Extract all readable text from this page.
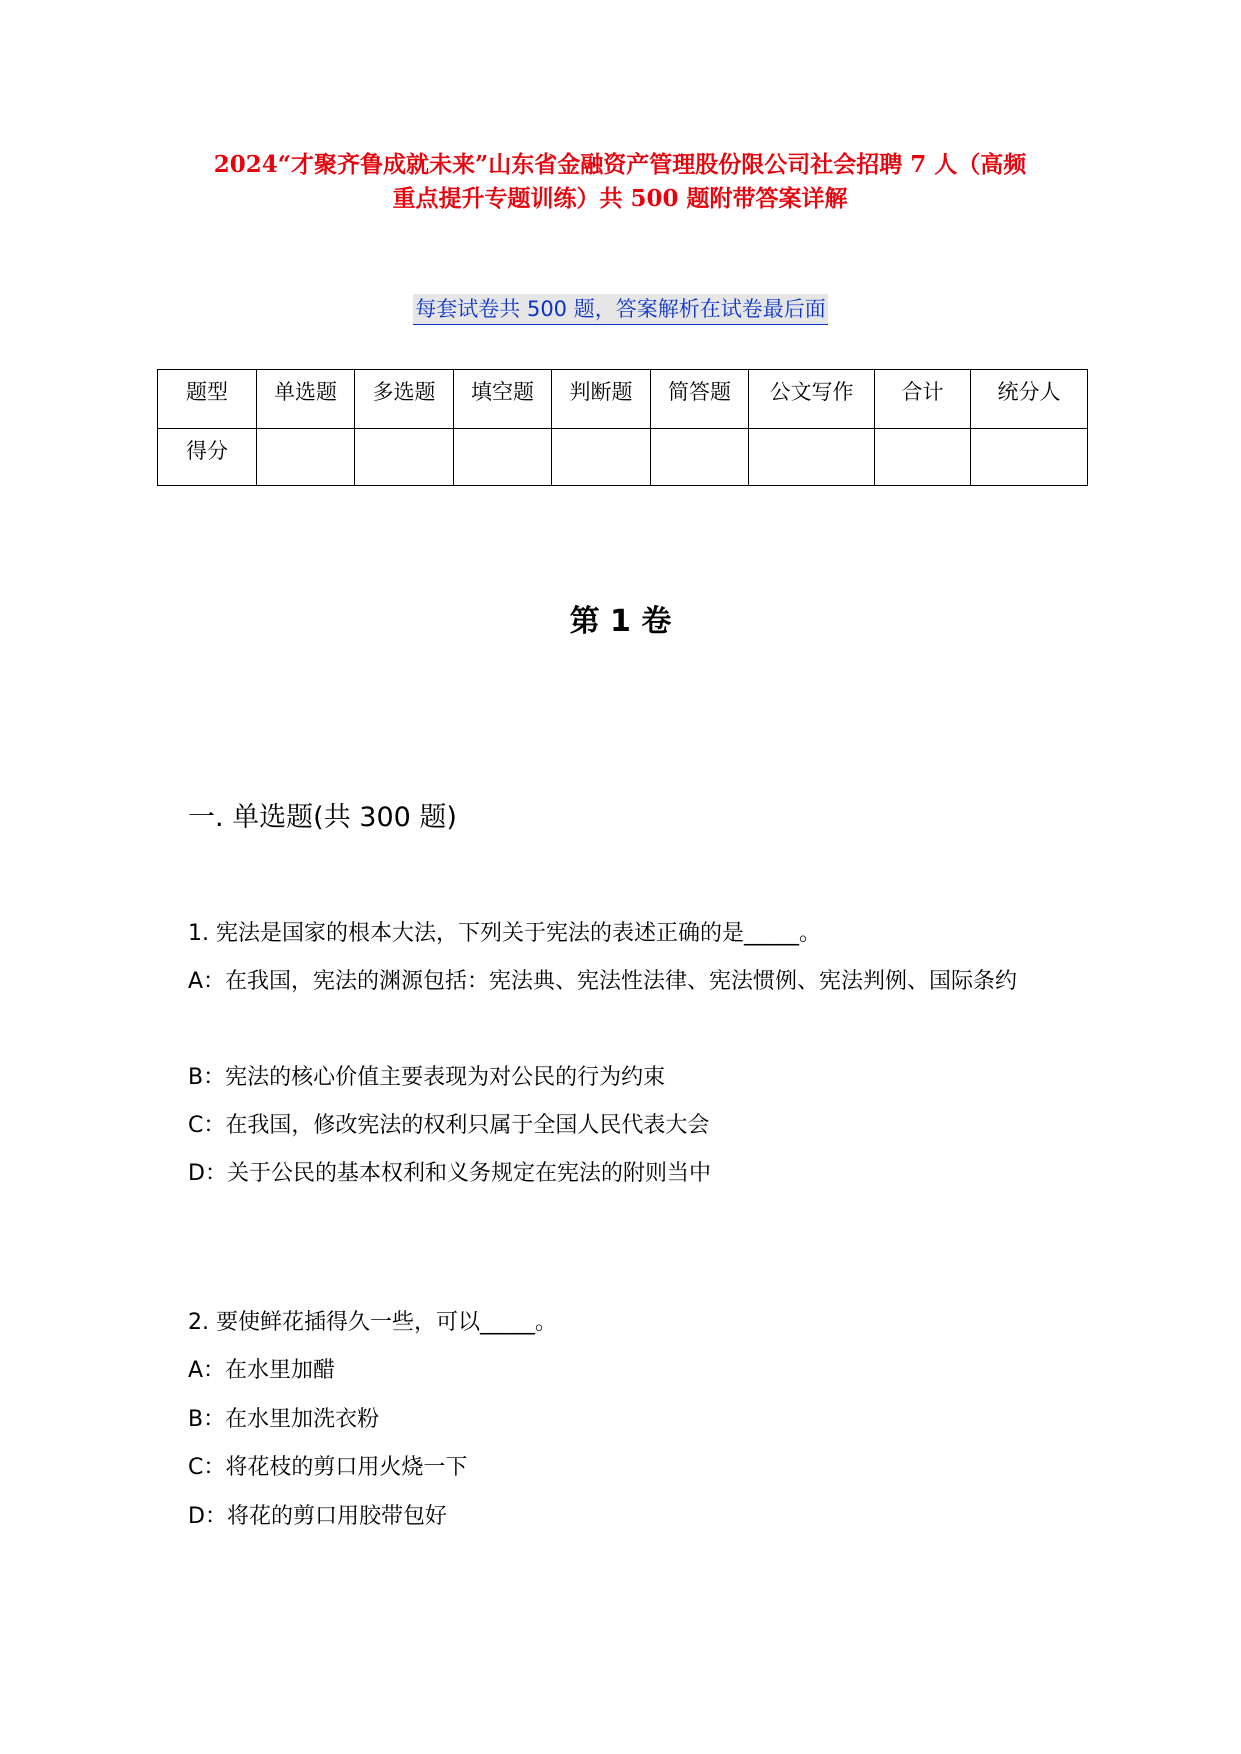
2024“才聚齐鲁成就未来”山东省金融资产管理股份限公司社会招聘 7 人（高频
重点提升专题训练）共 500 题附带答案详解
每套试卷共 500 题，答案解析在试卷最后面
题型	单选题	多选题	填空题	判断题	简答题	公文写作	合计	统分人
得分								
第 1 卷
一. 单选题(共 300 题)
1. 宪法是国家的根本大法，下列关于宪法的表述正确的是_____。
A：在我国，宪法的渊源包括：宪法典、宪法性法律、宪法惯例、宪法判例、国际条约
B：宪法的核心价值主要表现为对公民的行为约束
C：在我国，修改宪法的权利只属于全国人民代表大会
D：关于公民的基本权利和义务规定在宪法的附则当中
2. 要使鲜花插得久一些，可以_____。
A：在水里加醋
B：在水里加洗衣粉
C：将花枝的剪口用火烧一下
D：将花的剪口用胶带包好
